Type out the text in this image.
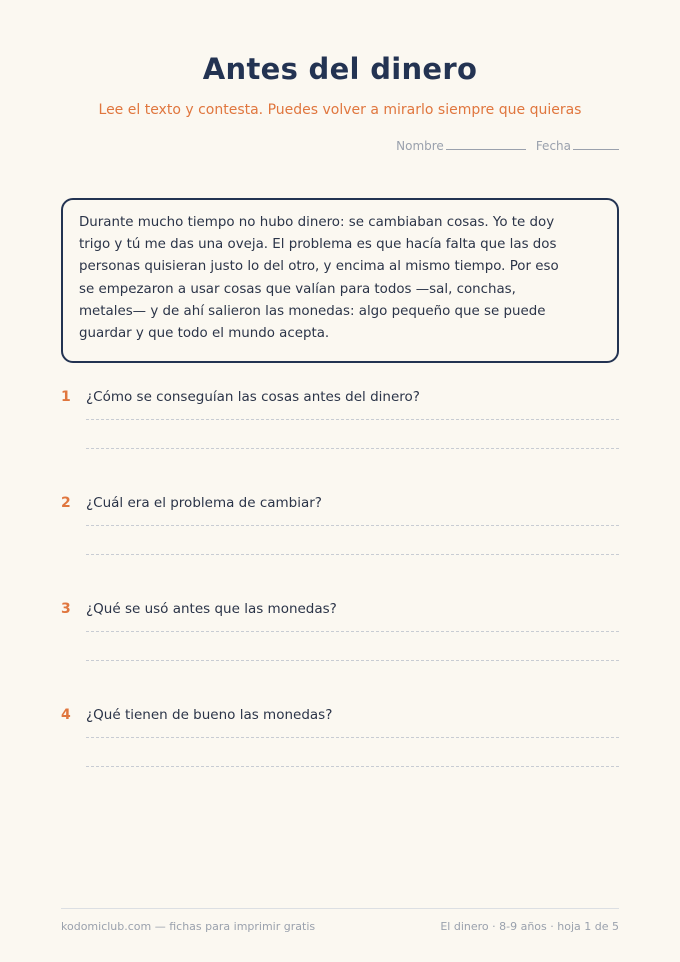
Antes del dinero
Lee el texto y contesta. Puedes volver a mirarlo siempre que quieras
Nombre	Fecha
Durante mucho tiempo no hubo dinero: se cambiaban cosas. Yo te doy
trigo y tú me das una oveja. El problema es que hacía falta que las dos
personas quisieran justo lo del otro, y encima al mismo tiempo. Por eso
se empezaron a usar cosas que valían para todos —sal, conchas,
metales— y de ahí salieron las monedas: algo pequeño que se puede
guardar y que todo el mundo acepta.
1 ¿Cómo se conseguían las cosas antes del dinero?
2 ¿Cuál era el problema de cambiar?
3 ¿Qué se usó antes que las monedas?
4 ¿Qué tienen de bueno las monedas?
kodomiclub.com — fichas para imprimir gratis	El dinero · 8-9 años · hoja 1 de 5
